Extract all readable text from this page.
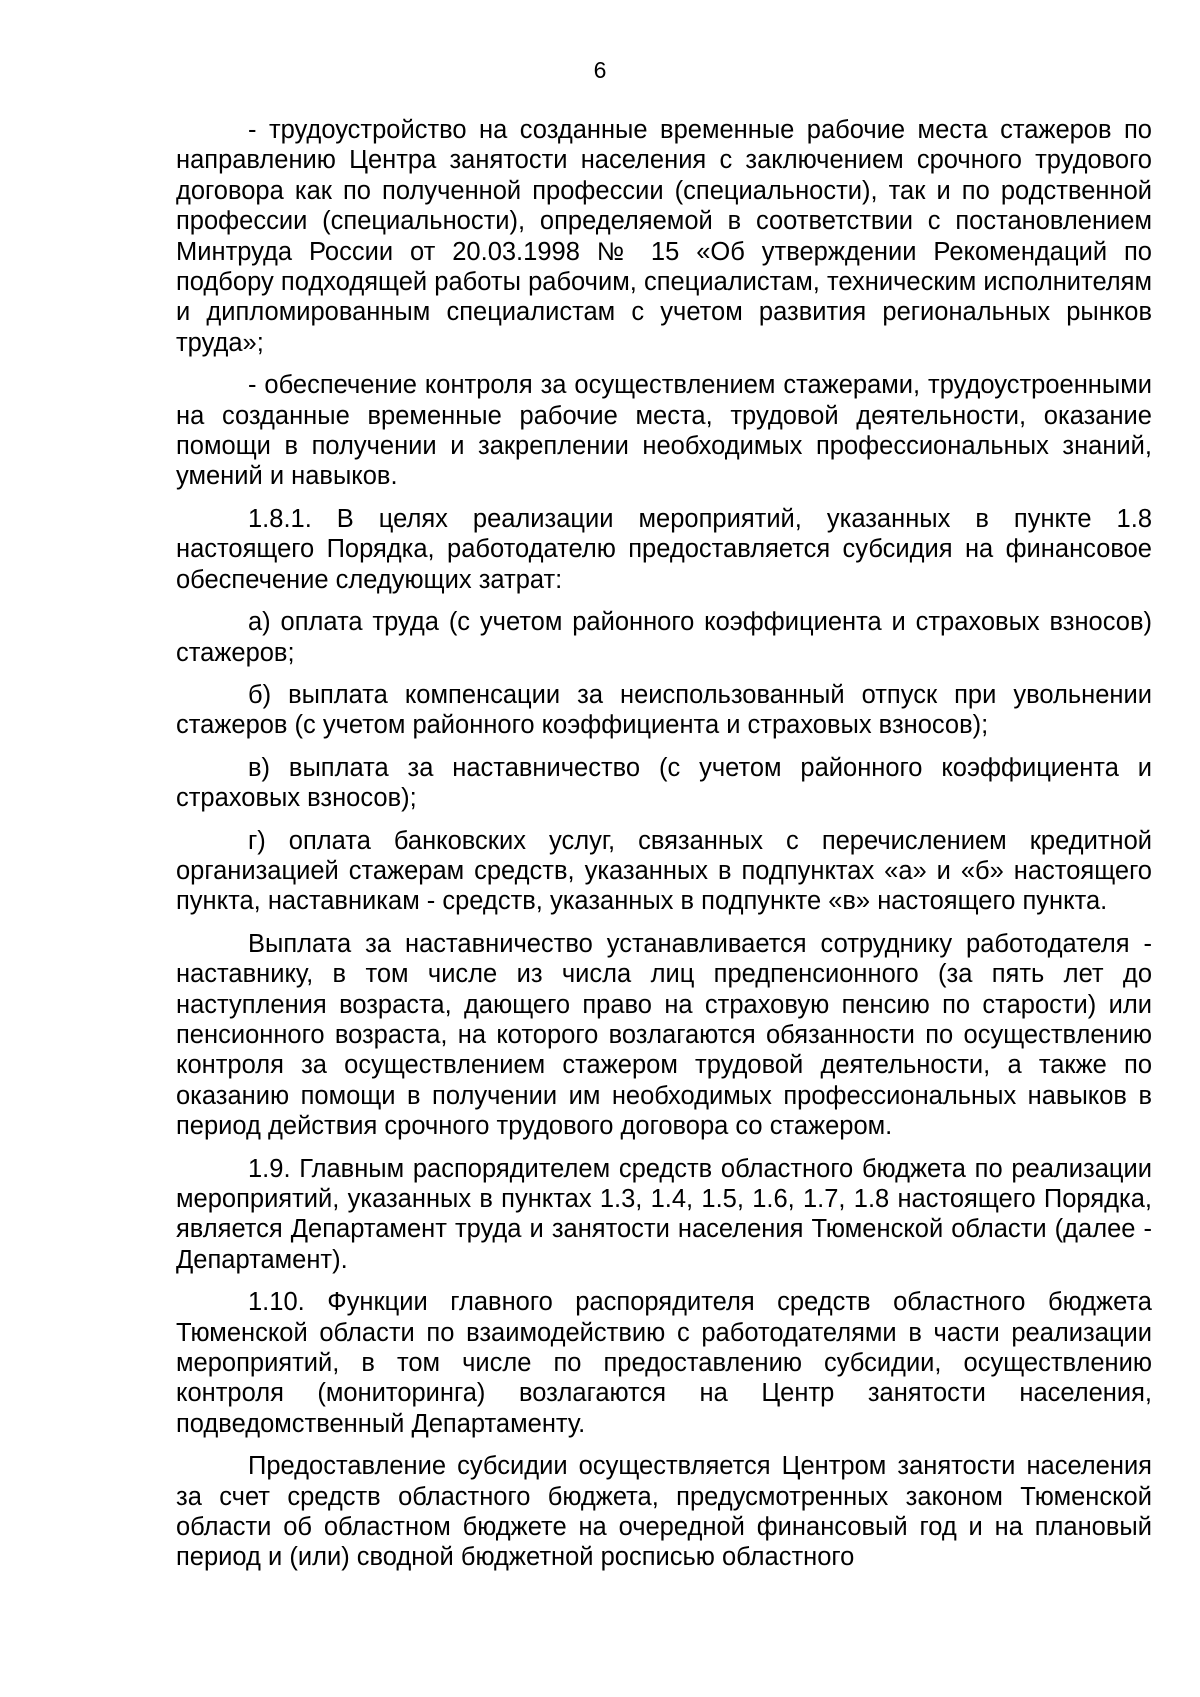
6

- трудоустройство на созданные временные рабочие места стажеров по направлению Центра занятости населения с заключением срочного трудового договора как по полученной профессии (специальности), так и по родственной профессии (специальности), определяемой в соответствии с постановлением Минтруда России от 20.03.1998 № 15 «Об утверждении Рекомендаций по подбору подходящей работы рабочим, специалистам, техническим исполнителям и дипломированным специалистам с учетом развития региональных рынков труда»;

- обеспечение контроля за осуществлением стажерами, трудоустроенными на созданные временные рабочие места, трудовой деятельности, оказание помощи в получении и закреплении необходимых профессиональных знаний, умений и навыков.

1.8.1. В целях реализации мероприятий, указанных в пункте 1.8 настоящего Порядка, работодателю предоставляется субсидия на финансовое обеспечение следующих затрат:

а) оплата труда (с учетом районного коэффициента и страховых взносов) стажеров;

б) выплата компенсации за неиспользованный отпуск при увольнении стажеров (с учетом районного коэффициента и страховых взносов);

в) выплата за наставничество (с учетом районного коэффициента и страховых взносов);

г) оплата банковских услуг, связанных с перечислением кредитной организацией стажерам средств, указанных в подпунктах «а» и «б» настоящего пункта, наставникам - средств, указанных в подпункте «в» настоящего пункта.

Выплата за наставничество устанавливается сотруднику работодателя - наставнику, в том числе из числа лиц предпенсионного (за пять лет до наступления возраста, дающего право на страховую пенсию по старости) или пенсионного возраста, на которого возлагаются обязанности по осуществлению контроля за осуществлением стажером трудовой деятельности, а также по оказанию помощи в получении им необходимых профессиональных навыков в период действия срочного трудового договора со стажером.

1.9. Главным распорядителем средств областного бюджета по реализации мероприятий, указанных в пунктах 1.3, 1.4, 1.5, 1.6, 1.7, 1.8 настоящего Порядка, является Департамент труда и занятости населения Тюменской области (далее - Департамент).

1.10. Функции главного распорядителя средств областного бюджета Тюменской области по взаимодействию с работодателями в части реализации мероприятий, в том числе по предоставлению субсидии, осуществлению контроля (мониторинга) возлагаются на Центр занятости населения, подведомственный Департаменту.

Предоставление субсидии осуществляется Центром занятости населения за счет средств областного бюджета, предусмотренных законом Тюменской области об областном бюджете на очередной финансовый год и на плановый период и (или) сводной бюджетной росписью областного
